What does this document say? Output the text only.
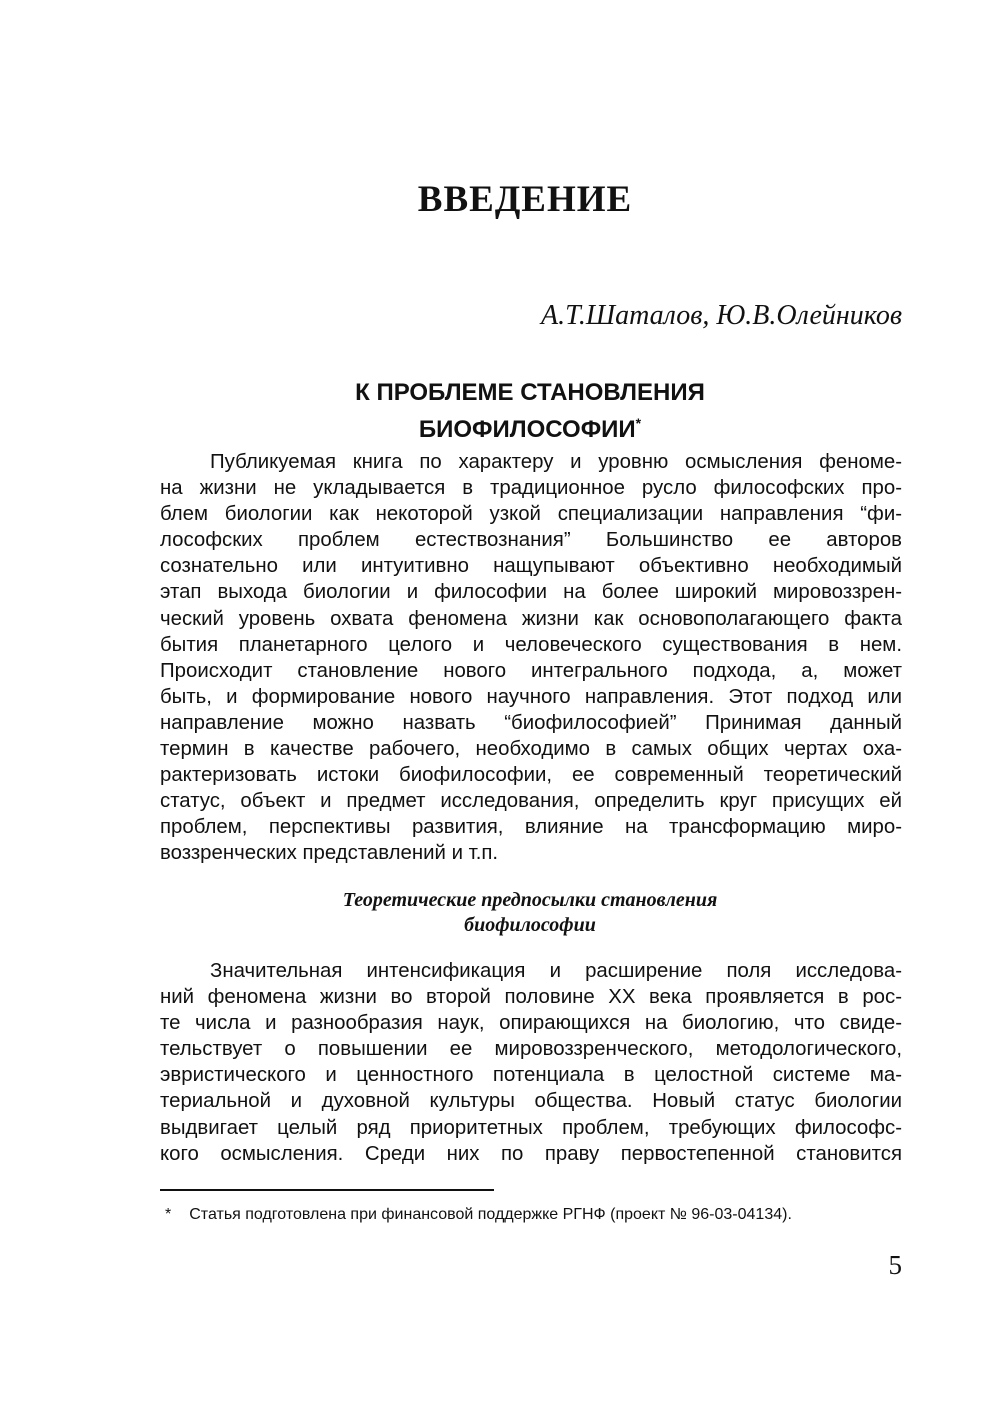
ВВЕДЕНИЕ

А.Т.Шаталов, Ю.В.Олейников

К ПРОБЛЕМЕ СТАНОВЛЕНИЯ
БИОФИЛОСОФИИ*

Публикуемая книга по характеру и уровню осмысления феноме-
на жизни не укладывается в традиционное русло философских про-
блем биологии как некоторой узкой специализации направления “фи-
лософских проблем естествознания” Большинство ее авторов
сознательно или интуитивно нащупывают объективно необходимый
этап выхода биологии и философии на более широкий мировоззрен-
ческий уровень охвата феномена жизни как основополагающего факта
бытия планетарного целого и человеческого существования в нем.
Происходит становление нового интегрального подхода, а, может
быть, и формирование нового научного направления. Этот подход или
направление можно назвать “биофилософией” Принимая данный
термин в качестве рабочего, необходимо в самых общих чертах оха-
рактеризовать истоки биофилософии, ее современный теоретический
статус, объект и предмет исследования, определить круг присущих ей
проблем, перспективы развития, влияние на трансформацию миро-
воззренческих представлений и т.п.

Теоретические предпосылки становления
биофилософии

Значительная интенсификация и расширение поля исследова-
ний феномена жизни во второй половине XX века проявляется в рос-
те числа и разнообразия наук, опирающихся на биологию, что свиде-
тельствует о повышении ее мировоззренческого, методологического,
эвристического и ценностного потенциала в целостной системе ма-
териальной и духовной культуры общества. Новый статус биологии
выдвигает целый ряд приоритетных проблем, требующих философс-
кого осмысления. Среди них по праву первостепенной становится

* Статья подготовлена при финансовой поддержке РГНФ (проект № 96-03-04134).

5
